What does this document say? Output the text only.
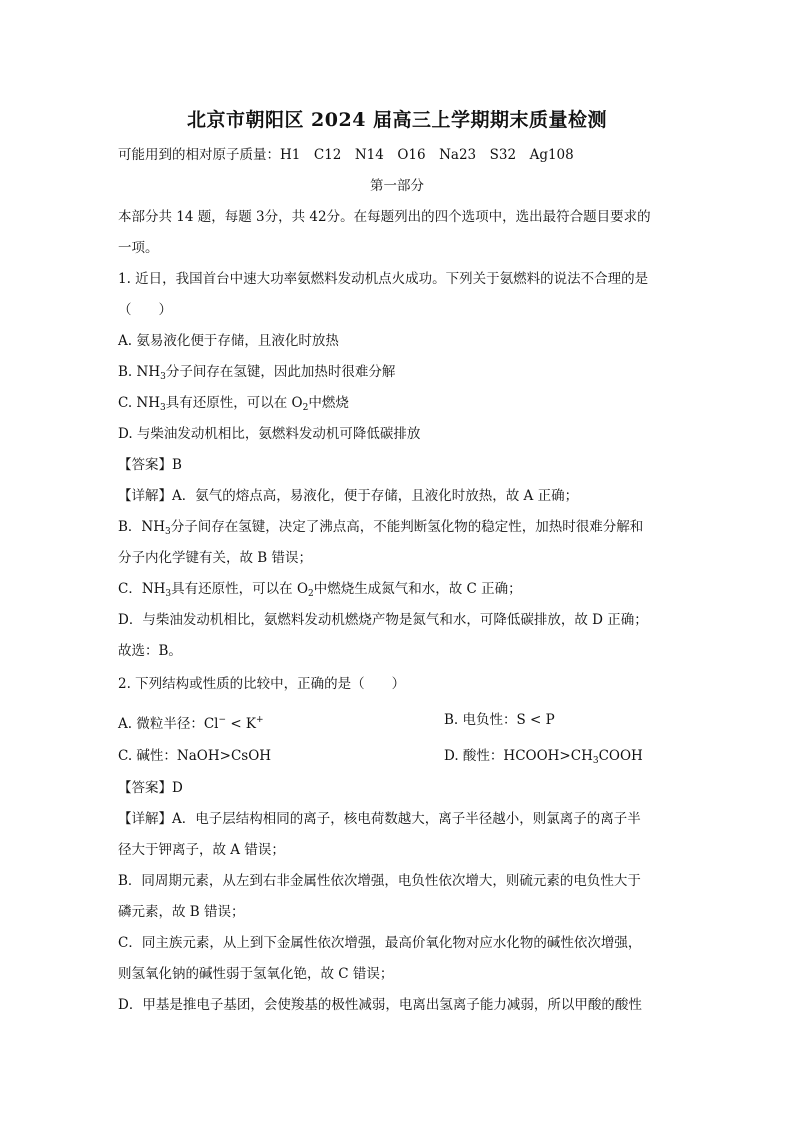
北京市朝阳区 2024 届高三上学期期末质量检测
可能用到的相对原子质量：H1　C12　N14　O16　Na23　S32　Ag108
第一部分
本部分共 14 题，每题 3分，共 42分。在每题列出的四个选项中，选出最符合题目要求的
一项。
1. 近日，我国首台中速大功率氨燃料发动机点火成功。下列关于氨燃料的说法不合理的是
（　　）
A. 氨易液化便于存储，且液化时放热
B. $NH_3$分子间存在氢键，因此加热时很难分解
C. $NH_3$具有还原性，可以在 $O_2$中燃烧
D. 与柴油发动机相比，氨燃料发动机可降低碳排放
【答案】B
【详解】A．氨气的熔点高，易液化，便于存储，且液化时放热，故 A 正确；
B．$NH_3$分子间存在氢键，决定了沸点高，不能判断氢化物的稳定性，加热时很难分解和
分子内化学键有关，故 B 错误；
C．$NH_3$具有还原性，可以在 $O_2$中燃烧生成氮气和水，故 C 正确；
D．与柴油发动机相比，氨燃料发动机燃烧产物是氮气和水，可降低碳排放，故 D 正确；
故选：B。
2. 下列结构或性质的比较中，正确的是（　　）
A. 微粒半径：Cl− < K+	B. 电负性：S < P
C. 碱性：NaOH>CsOH	D. 酸性：$HCOOH>CH_3COOH$
【答案】D
【详解】A．电子层结构相同的离子，核电荷数越大，离子半径越小，则氯离子的离子半
径大于钾离子，故 A 错误；
B．同周期元素，从左到右非金属性依次增强，电负性依次增大，则硫元素的电负性大于
磷元素，故 B 错误；
C．同主族元素，从上到下金属性依次增强，最高价氧化物对应水化物的碱性依次增强，
则氢氧化钠的碱性弱于氢氧化铯，故 C 错误；
D．甲基是推电子基团，会使羧基的极性减弱，电离出氢离子能力减弱，所以甲酸的酸性
